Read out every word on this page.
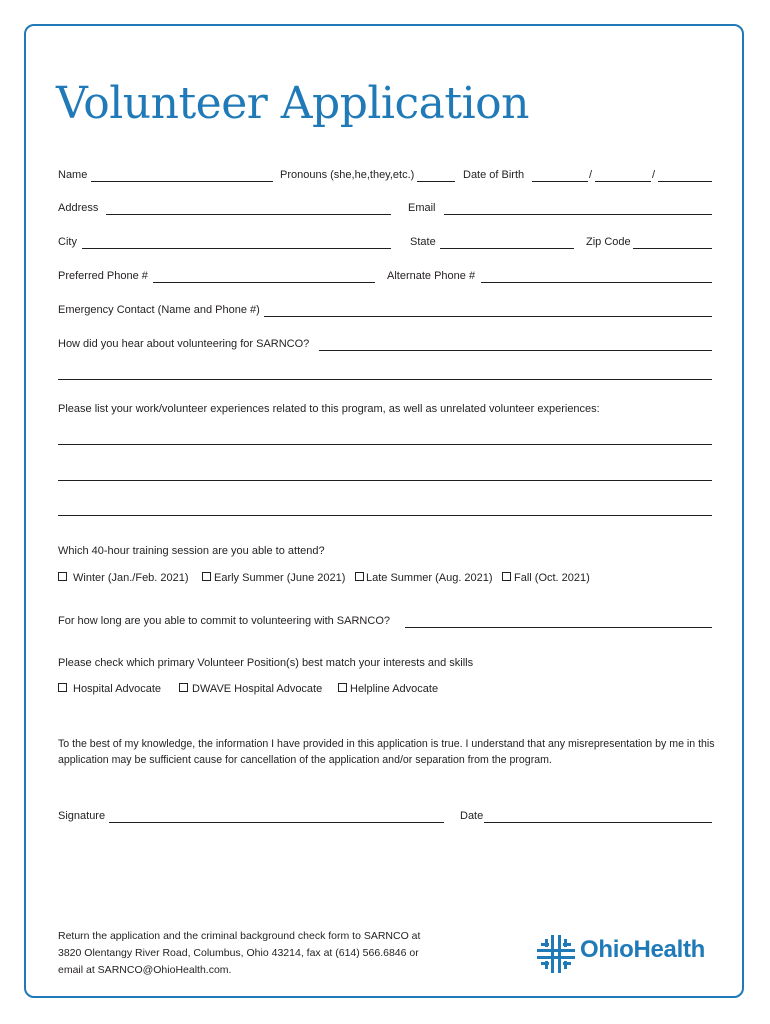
Volunteer Application
Name	Pronouns (she,he,they,etc.)	Date of Birth	/	/
Address	Email
City	State	Zip Code
Preferred Phone #	Alternate Phone #
Emergency Contact (Name and Phone #)
How did you hear about volunteering for SARNCO?
Please list your work/volunteer experiences related to this program, as well as unrelated volunteer experiences:
Which 40-hour training session are you able to attend?
Winter (Jan./Feb. 2021) Early Summer (June 2021) Late Summer (Aug. 2021) Fall (Oct. 2021)
For how long are you able to commit to volunteering with SARNCO?
Please check which primary Volunteer Position(s) best match your interests and skills
Hospital Advocate	DWAVE Hospital Advocate	Helpline Advocate
To the best of my knowledge, the information I have provided in this application is true. I understand that any misrepresentation by me in this application may be sufficient cause for cancellation of the application and/or separation from the program.
Signature	Date
Return the application and the criminal background check form to SARNCO at
3820 Olentangy River Road, Columbus, Ohio 43214, fax at (614) 566.6846 or
email at SARNCO@OhioHealth.com.
OhioHealth
